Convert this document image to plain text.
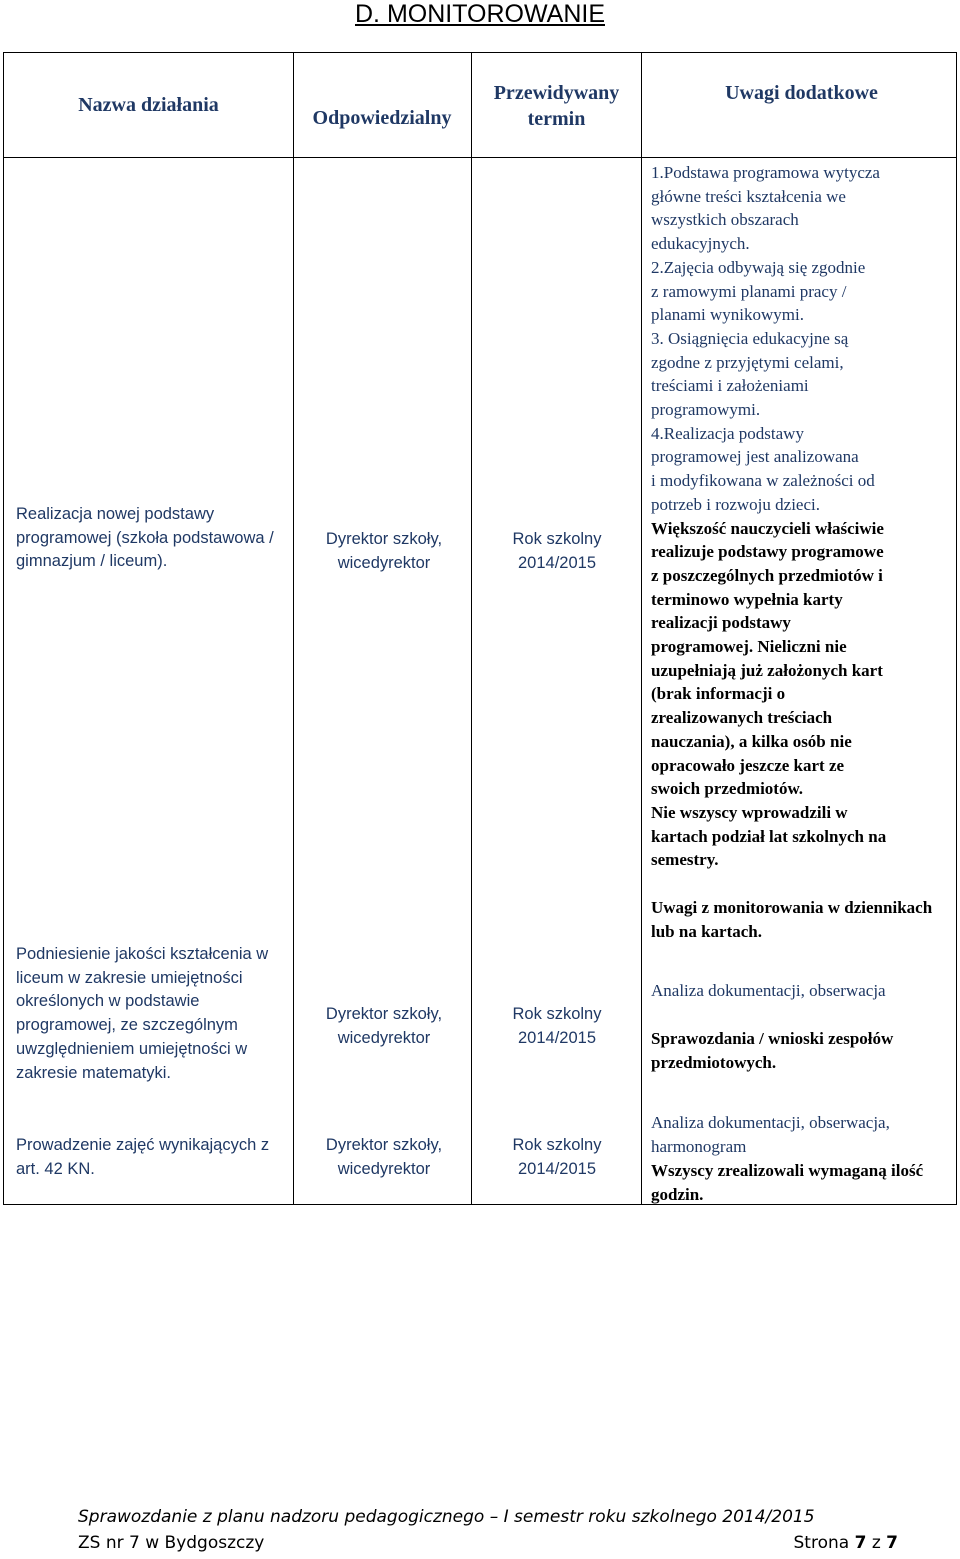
D. MONITOROWANIE
Nazwa działania
Odpowiedzialny
Przewidywany termin
Uwagi dodatkowe
Realizacja nowej podstawy programowej (szkoła podstawowa / gimnazjum / liceum).
Dyrektor szkoły, wicedyrektor
Rok szkolny 2014/2015
1.Podstawa programowa wytycza
główne treści kształcenia we
wszystkich obszarach
edukacyjnych.
2.Zajęcia odbywają się zgodnie
z ramowymi planami pracy /
planami wynikowymi.
3. Osiągnięcia edukacyjne są
zgodne z przyjętymi celami,
treściami i założeniami
programowymi.
4.Realizacja podstawy
programowej jest analizowana
i modyfikowana w zależności od
potrzeb i rozwoju dzieci.
Większość nauczycieli właściwie
realizuje podstawy programowe
z poszczególnych przedmiotów i
terminowo wypełnia karty
realizacji podstawy
programowej. Nieliczni nie
uzupełniają już założonych kart
(brak informacji o
zrealizowanych treściach
nauczania), a kilka osób nie
opracowało jeszcze kart ze
swoich przedmiotów.
Nie wszyscy wprowadzili w
kartach podział lat szkolnych na
semestry.
Podniesienie jakości kształcenia w liceum w zakresie umiejętności określonych w podstawie programowej, ze szczególnym uwzględnieniem umiejętności w zakresie matematyki.
Dyrektor szkoły, wicedyrektor
Rok szkolny 2014/2015
Uwagi z monitorowania w dziennikach lub na kartach.
Analiza dokumentacji, obserwacja
Sprawozdania / wnioski zespołów przedmiotowych.
Prowadzenie zajęć wynikających z art. 42 KN.
Dyrektor szkoły, wicedyrektor
Rok szkolny 2014/2015
Analiza dokumentacji, obserwacja, harmonogram
Wszyscy zrealizowali wymaganą ilość godzin.
Sprawozdanie z planu nadzoru pedagogicznego – I semestr roku szkolnego 2014/2015
ZS nr 7 w Bydgoszczy	Strona 7 z 7
